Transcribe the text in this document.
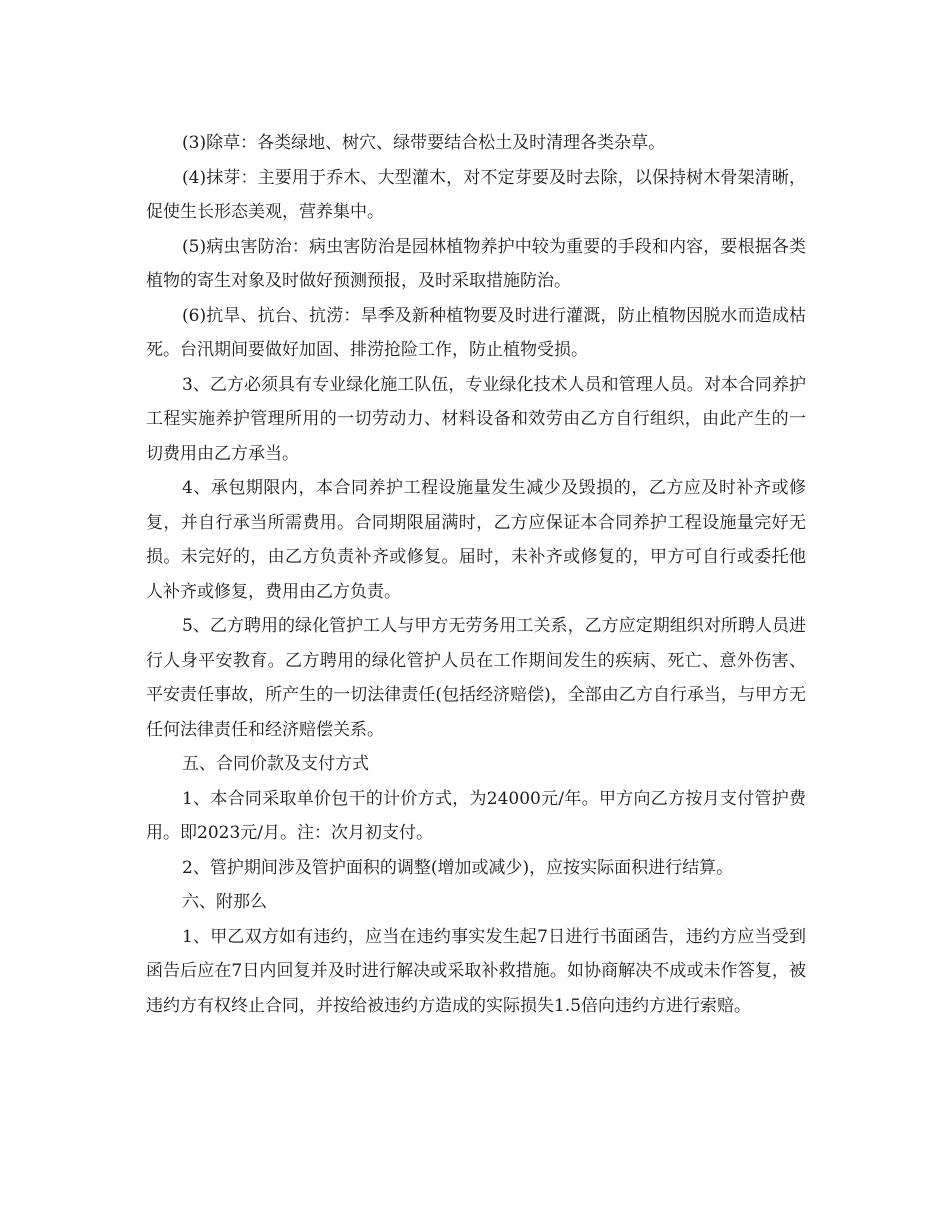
(3)除草：各类绿地、树穴、绿带要结合松土及时清理各类杂草。

(4)抹芽：主要用于乔木、大型灌木，对不定芽要及时去除，以保持树木骨架清晰，促使生长形态美观，营养集中。

(5)病虫害防治：病虫害防治是园林植物养护中较为重要的手段和内容，要根据各类植物的寄生对象及时做好预测预报，及时采取措施防治。

(6)抗旱、抗台、抗涝：旱季及新种植物要及时进行灌溉，防止植物因脱水而造成枯死。台汛期间要做好加固、排涝抢险工作，防止植物受损。

3、乙方必须具有专业绿化施工队伍，专业绿化技术人员和管理人员。对本合同养护工程实施养护管理所用的一切劳动力、材料设备和效劳由乙方自行组织，由此产生的一切费用由乙方承当。

4、承包期限内，本合同养护工程设施量发生减少及毁损的，乙方应及时补齐或修复，并自行承当所需费用。合同期限届满时，乙方应保证本合同养护工程设施量完好无损。未完好的，由乙方负责补齐或修复。届时，未补齐或修复的，甲方可自行或委托他人补齐或修复，费用由乙方负责。

5、乙方聘用的绿化管护工人与甲方无劳务用工关系，乙方应定期组织对所聘人员进行人身平安教育。乙方聘用的绿化管护人员在工作期间发生的疾病、死亡、意外伤害、平安责任事故，所产生的一切法律责任(包括经济赔偿)，全部由乙方自行承当，与甲方无任何法律责任和经济赔偿关系。

五、合同价款及支付方式

1、本合同采取单价包干的计价方式，为24000元/年。甲方向乙方按月支付管护费用。即2023元/月。注：次月初支付。

2、管护期间涉及管护面积的调整(增加或减少)，应按实际面积进行结算。

六、附那么

1、甲乙双方如有违约，应当在违约事实发生起7日进行书面函告，违约方应当受到函告后应在7日内回复并及时进行解决或采取补救措施。如协商解决不成或未作答复，被违约方有权终止合同，并按给被违约方造成的实际损失1.5倍向违约方进行索赔。
